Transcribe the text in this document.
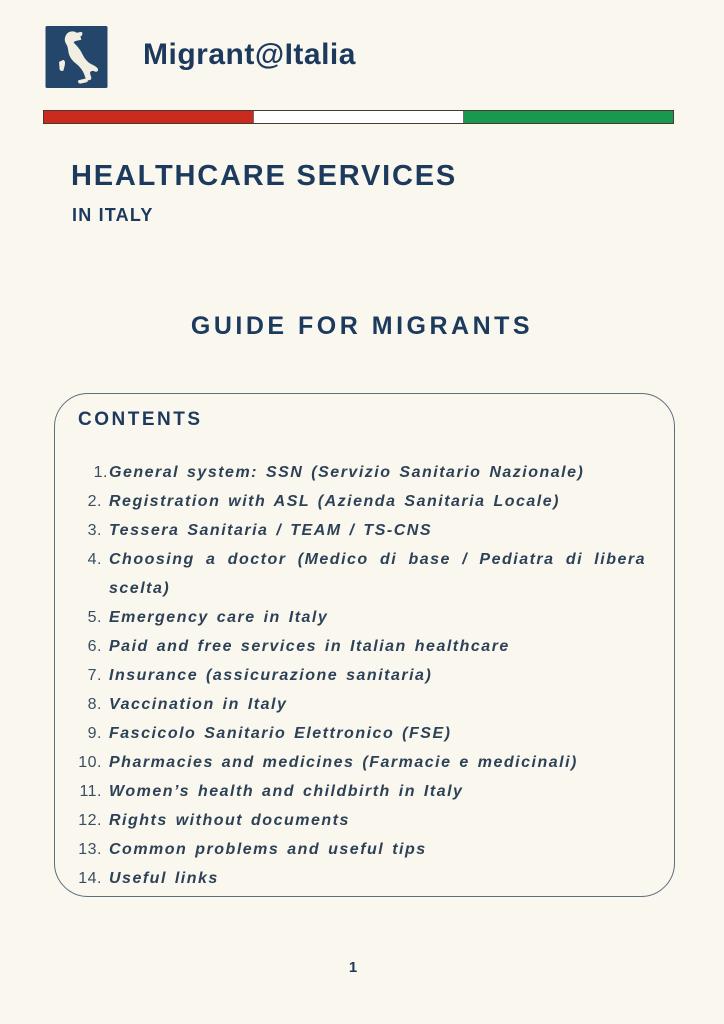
Migrant@Italia
HEALTHCARE SERVICES
IN ITALY
GUIDE FOR MIGRANTS
CONTENTS
1. General system: SSN (Servizio Sanitario Nazionale)
2. Registration with ASL (Azienda Sanitaria Locale)
3. Tessera Sanitaria / TEAM / TS-CNS
4. Choosing a doctor (Medico di base / Pediatra di libera scelta)
5. Emergency care in Italy
6. Paid and free services in Italian healthcare
7. Insurance (assicurazione sanitaria)
8. Vaccination in Italy
9. Fascicolo Sanitario Elettronico (FSE)
10. Pharmacies and medicines (Farmacie e medicinali)
11. Women’s health and childbirth in Italy
12. Rights without documents
13. Common problems and useful tips
14. Useful links
1
